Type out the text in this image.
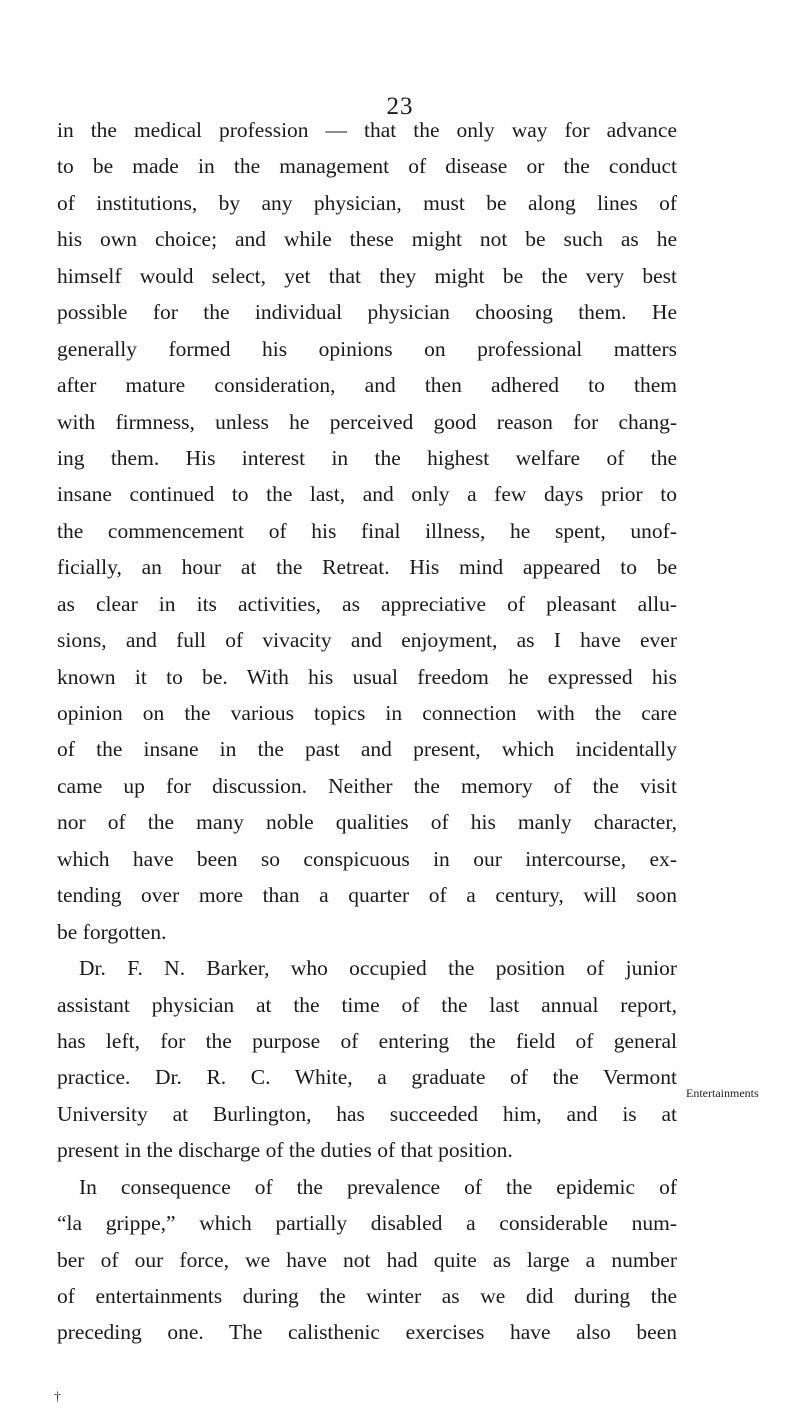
23
in the medical profession — that the only way for advance
to be made in the management of disease or the conduct
of institutions, by any physician, must be along lines of
his own choice; and while these might not be such as he
himself would select, yet that they might be the very best
possible for the individual physician choosing them. He
generally formed his opinions on professional matters
after mature consideration, and then adhered to them
with firmness, unless he perceived good reason for chang-
ing them. His interest in the highest welfare of the
insane continued to the last, and only a few days prior to
the commencement of his final illness, he spent, unof-
ficially, an hour at the Retreat. His mind appeared to be
as clear in its activities, as appreciative of pleasant allu-
sions, and full of vivacity and enjoyment, as I have ever
known it to be. With his usual freedom he expressed his
opinion on the various topics in connection with the care
of the insane in the past and present, which incidentally
came up for discussion. Neither the memory of the visit
nor of the many noble qualities of his manly character,
which have been so conspicuous in our intercourse, ex-
tending over more than a quarter of a century, will soon
be forgotten.
Dr. F. N. Barker, who occupied the position of junior
assistant physician at the time of the last annual report,
has left, for the purpose of entering the field of general
practice. Dr. R. C. White, a graduate of the Vermont
University at Burlington, has succeeded him, and is at
present in the discharge of the duties of that position.
In consequence of the prevalence of the epidemic of
“la grippe,” which partially disabled a considerable num-
ber of our force, we have not had quite as large a number
of entertainments during the winter as we did during the
preceding one. The calisthenic exercises have also been
Entertainments
†
